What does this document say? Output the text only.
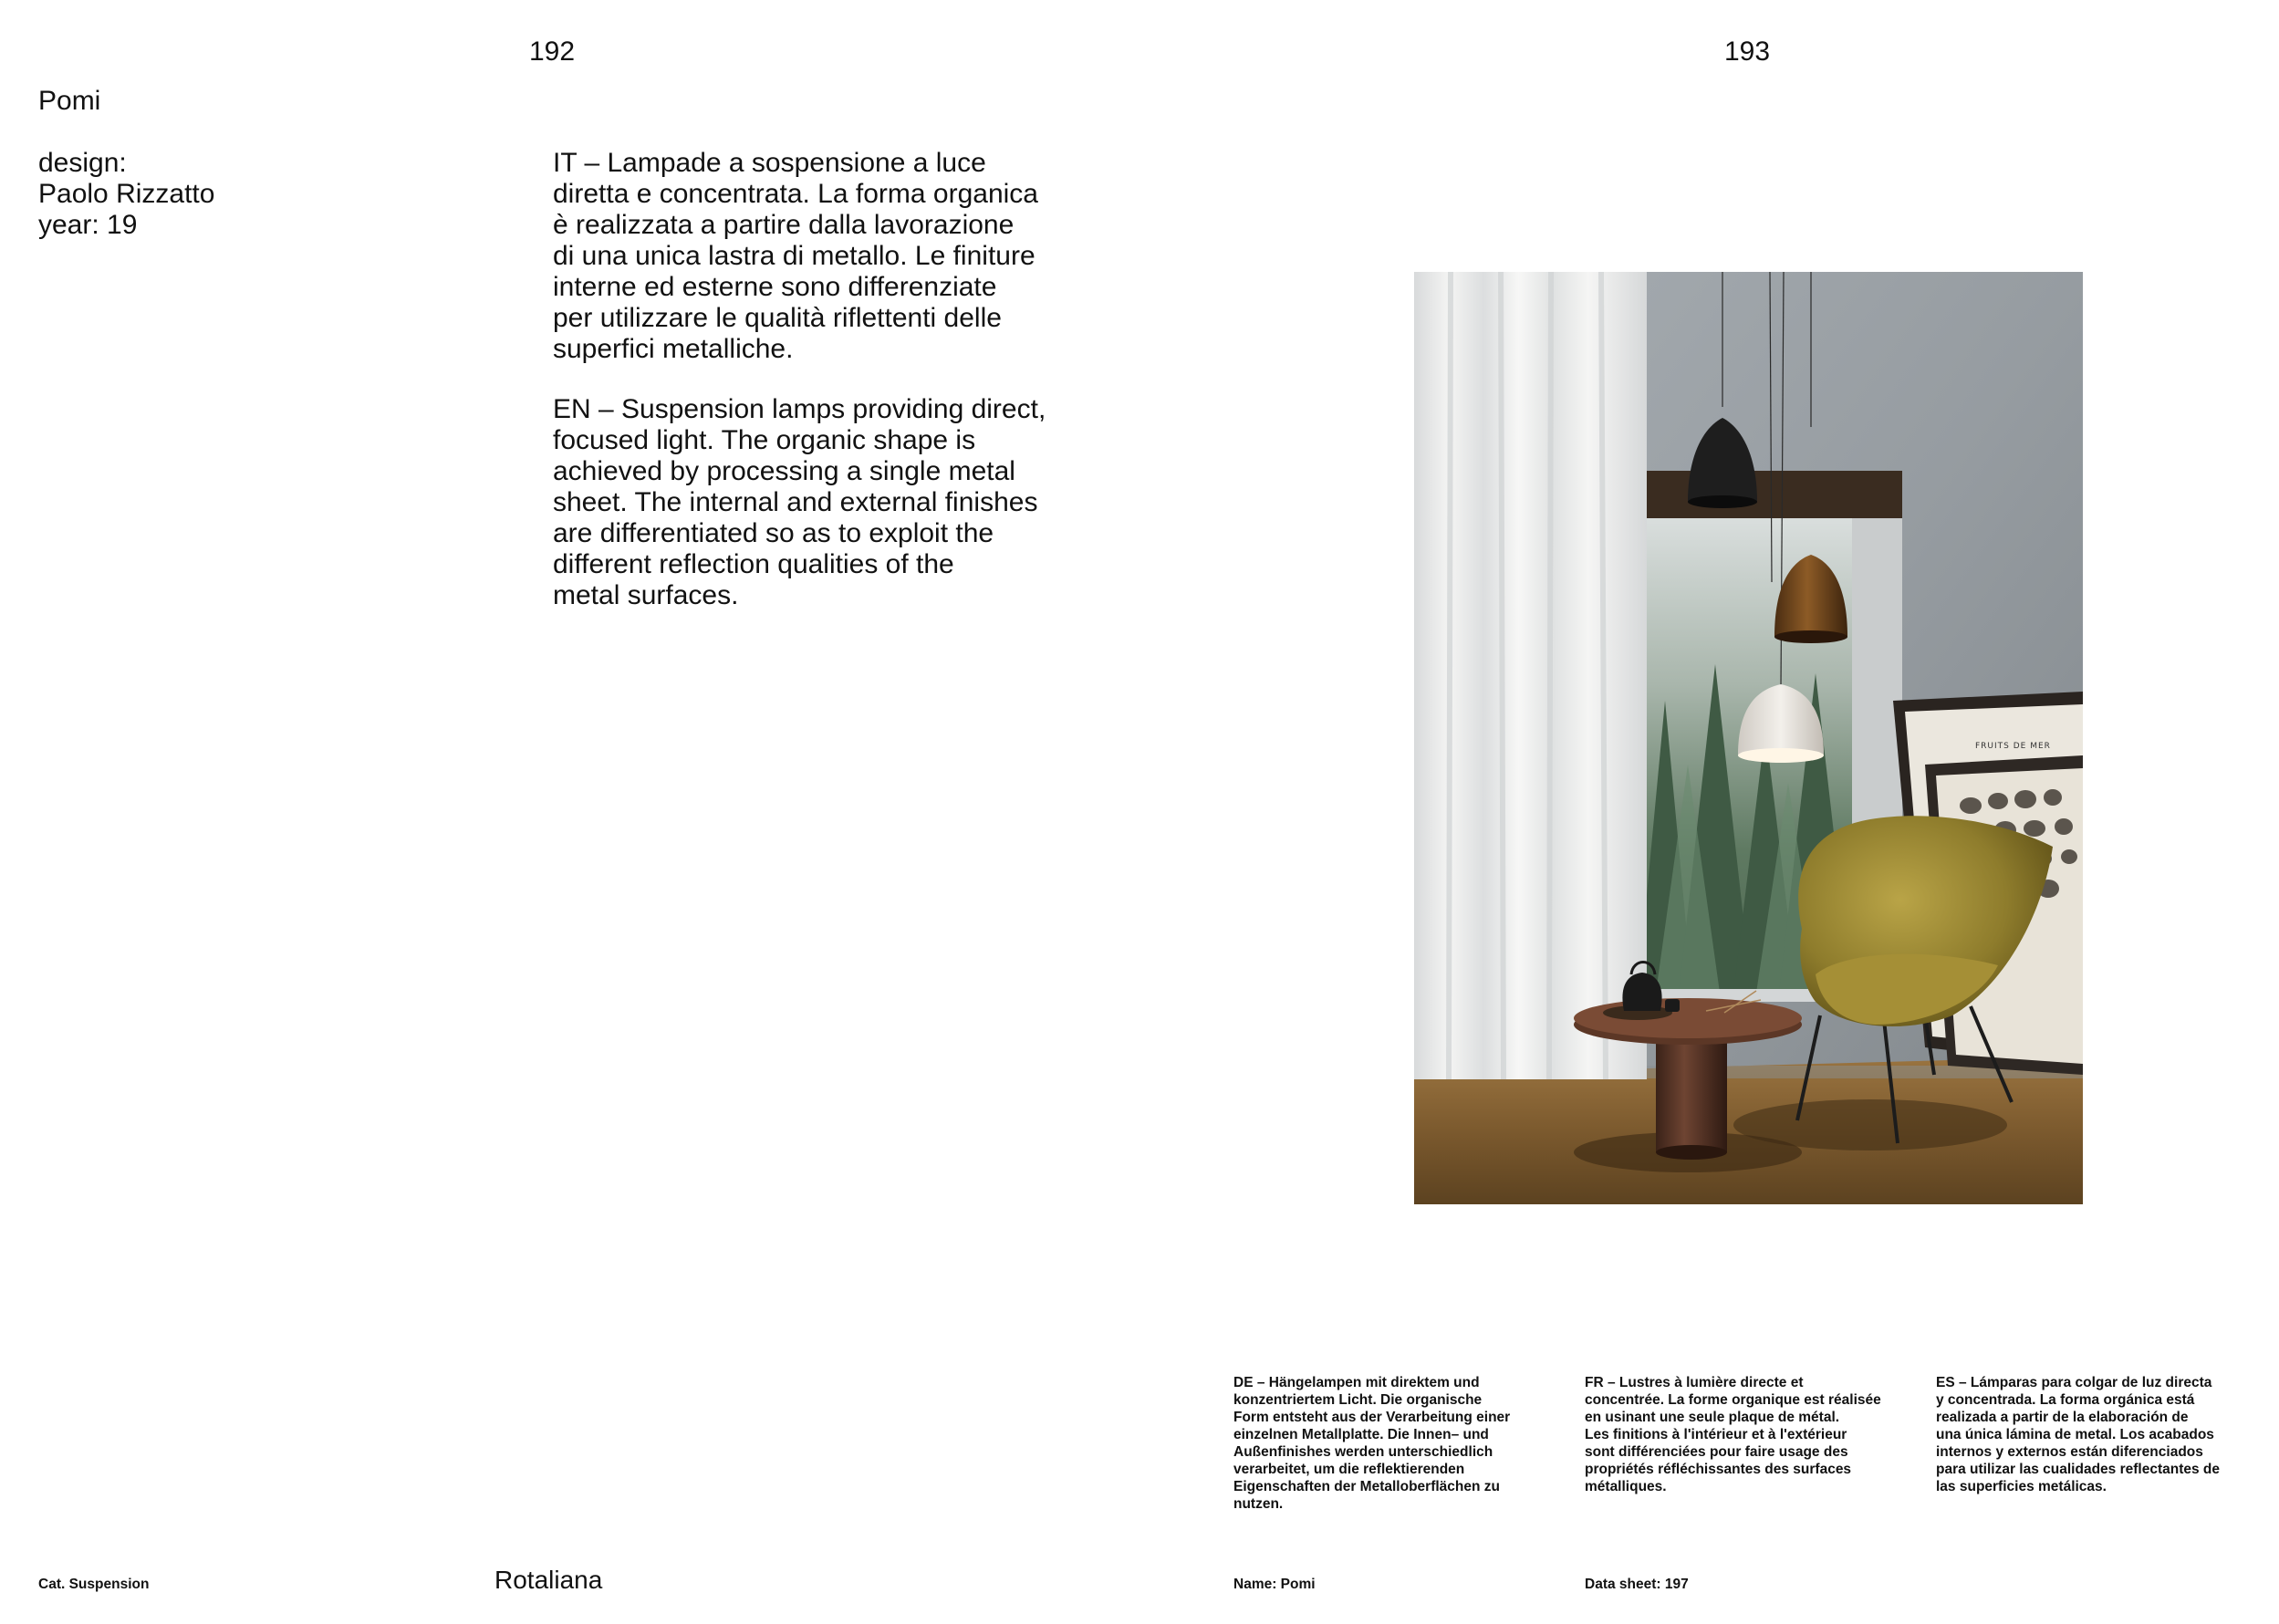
192
Pomi
design:
Paolo Rizzatto
year: 19
IT – Lampade a sospensione a luce
diretta e concentrata. La forma organica
è realizzata a partire dalla lavorazione
di una unica lastra di metallo. Le finiture
interne ed esterne sono differenziate
per utilizzare le qualità riflettenti delle
superfici metalliche.
EN – Suspension lamps providing direct,
focused light. The organic shape is
achieved by processing a single metal
sheet. The internal and external finishes
are differentiated so as to exploit the
different reflection qualities of the
metal surfaces.
Cat. Suspension	Rotaliana
193
FRUITS DE MER
DE – Hängelampen mit direktem und
konzentriertem Licht. Die organische
Form entsteht aus der Verarbeitung einer
einzelnen Metallplatte. Die Innen– und
Außenfinishes werden unterschiedlich
verarbeitet, um die reflektierenden
Eigenschaften der Metalloberflächen zu
nutzen.
FR – Lustres à lumière directe et
concentrée. La forme organique est réalisée
en usinant une seule plaque de métal.
Les finitions à l'intérieur et à l'extérieur
sont différenciées pour faire usage des
propriétés réfléchissantes des surfaces
métalliques.
ES – Lámparas para colgar de luz directa
y concentrada. La forma orgánica está
realizada a partir de la elaboración de
una única lámina de metal. Los acabados
internos y externos están diferenciados
para utilizar las cualidades reflectantes de
las superficies metálicas.
Name: Pomi	Data sheet: 197
